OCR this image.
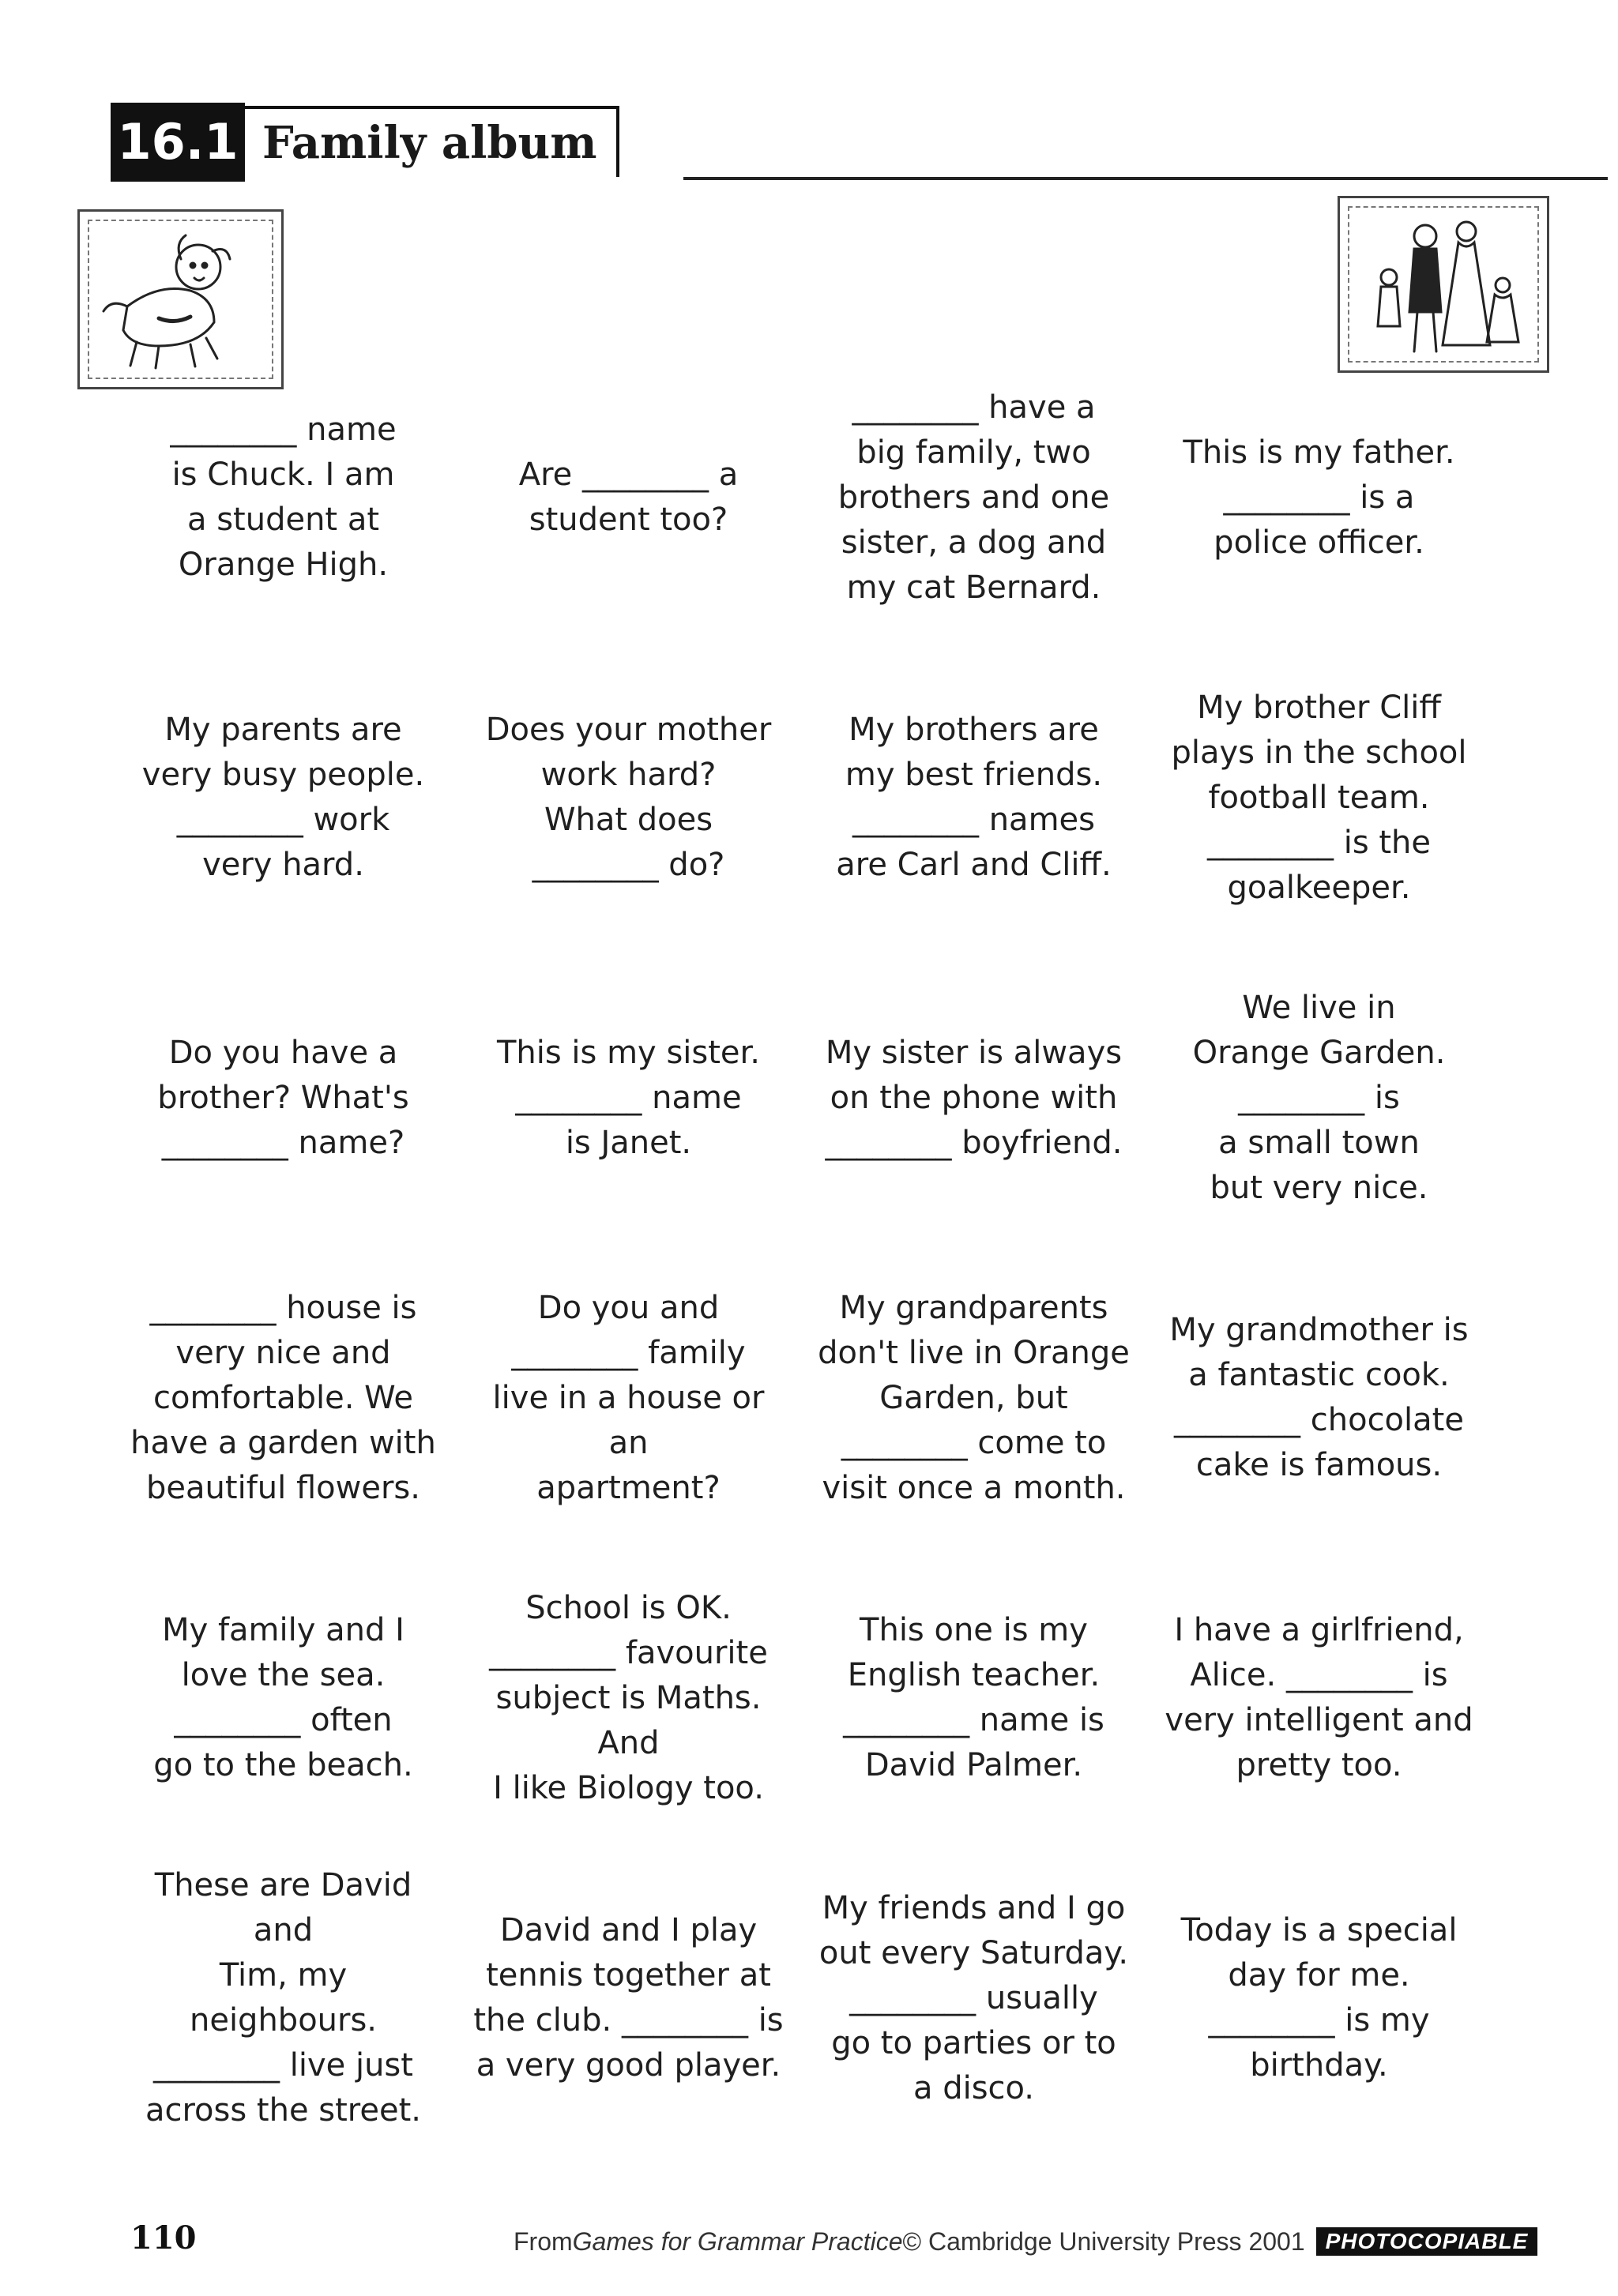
16.1 Family album
________ name
is Chuck. I am
a student at
Orange High.
Are ________ a
student too?
________ have a
big family, two
brothers and one
sister, a dog and
my cat Bernard.
This is my father.
________ is a
police officer.
My parents are
very busy people.
________ work
very hard.
Does your mother
work hard?
What does
________ do?
My brothers are
my best friends.
________ names
are Carl and Cliff.
My brother Cliff
plays in the school
football team.
________ is the
goalkeeper.
Do you have a
brother? What's
________ name?
This is my sister.
________ name
is Janet.
My sister is always
on the phone with
________ boyfriend.
We live in
Orange Garden.
________ is
a small town
but very nice.
________ house is
very nice and
comfortable. We
have a garden with
beautiful flowers.
Do you and
________ family
live in a house or an
apartment?
My grandparents
don't live in Orange
Garden, but
________ come to
visit once a month.
My grandmother is
a fantastic cook.
________ chocolate
cake is famous.
My family and I
love the sea.
________ often
go to the beach.
School is OK.
________ favourite
subject is Maths. And
I like Biology too.
This one is my
English teacher.
________ name is
David Palmer.
I have a girlfriend,
Alice. ________ is
very intelligent and
pretty too.
These are David and
Tim, my neighbours.
________ live just
across the street.
David and I play
tennis together at
the club. ________ is
a very good player.
My friends and I go
out every Saturday.
________ usually
go to parties or to
a disco.
Today is a special
day for me.
________ is my
birthday.
110	From Games for Grammar Practice © Cambridge University Press 2001 PHOTOCOPIABLE
